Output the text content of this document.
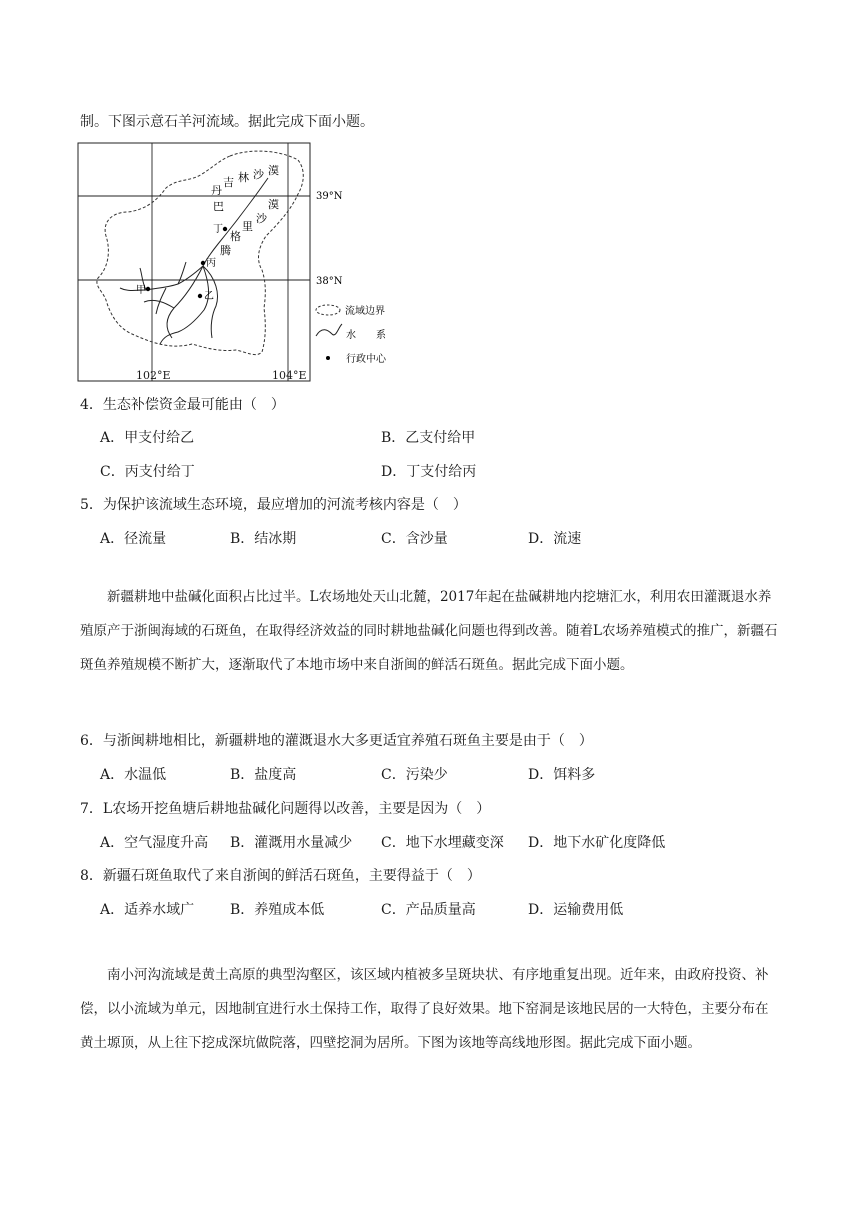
制。下图示意石羊河流域。据此完成下面小题。
丙
丁
甲
乙
巴
丹
吉 林 沙 漠
腾
格
里
沙
漠
39°N
38°N
流域边界
水　　系
行政中心
102°E	104°E
4．生态补偿资金最可能由（　）
A．甲支付给乙	B．乙支付给甲
C．丙支付给丁	D．丁支付给丙
5．为保护该流域生态环境，最应增加的河流考核内容是（　）
A．径流量	B．结冰期	C．含沙量	D．流速
新疆耕地中盐碱化面积占比过半。L农场地处天山北麓，2017年起在盐碱耕地内挖塘汇水，利用农田灌溉退水养殖原产于浙闽海域的石斑鱼，在取得经济效益的同时耕地盐碱化问题也得到改善。随着L农场养殖模式的推广，新疆石斑鱼养殖规模不断扩大，逐渐取代了本地市场中来自浙闽的鲜活石斑鱼。据此完成下面小题。
6．与浙闽耕地相比，新疆耕地的灌溉退水大多更适宜养殖石斑鱼主要是由于（　）
A．水温低	B．盐度高	C．污染少	D．饵料多
7．L农场开挖鱼塘后耕地盐碱化问题得以改善，主要是因为（　）
A．空气湿度升高 B．灌溉用水量减少 C．地下水埋藏变深 D．地下水矿化度降低
8．新疆石斑鱼取代了来自浙闽的鲜活石斑鱼，主要得益于（　）
A．适养水域广	B．养殖成本低	C．产品质量高	D．运输费用低
南小河沟流域是黄土高原的典型沟壑区，该区域内植被多呈斑块状、有序地重复出现。近年来，由政府投资、补偿，以小流域为单元，因地制宜进行水土保持工作，取得了良好效果。地下窑洞是该地民居的一大特色，主要分布在黄土塬顶，从上往下挖成深坑做院落，四壁挖洞为居所。下图为该地等高线地形图。据此完成下面小题。
